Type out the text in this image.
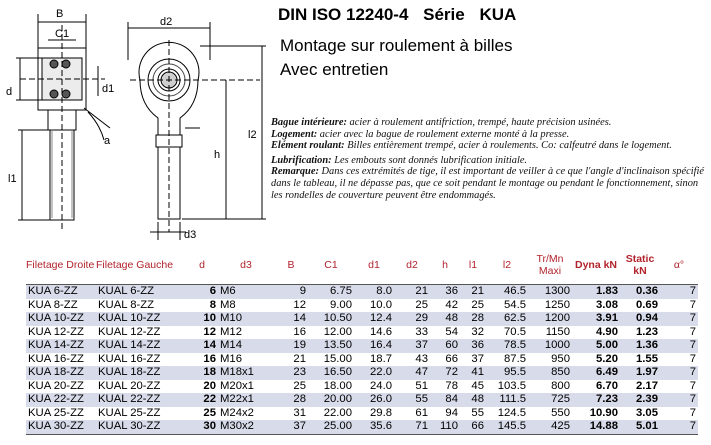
B
C1
d2
d	d1
a	l2
h
l1
d3
DIN ISO 12240-4 Série KUA
Montage sur roulement à billes
Avec entretien

Bague intérieure: acier à roulement antifriction, trempé, haute précision usinées.

Logement: acier avec la bague de roulement externe monté à la presse.

Elément roulant: Billes entièrement trempé, acier à roulements. Co: calfeutré dans le logement.

Lubrification: Les embouts sont donnés lubrification initiale.

Remarque: Dans ces extrémités de tige, il est important de veiller à ce que l'angle d'inclinaison spécifié dans le tableau, il ne dépasse pas, que ce soit pendant le montage ou pendant le fonctionnement, sinon les rondelles de couverture peuvent être endommagés.

Filetage Droite	Filetage Gauche	d	d3	B	C1	d1	d2	h	l1	l2	Tr/Mn Maxi	Dyna kN	Static kN	α°
KUA 6-ZZ	KUAL 6-ZZ	6	M6	9	6.75	8.0	21	36	21	46.5	1300	1.83	0.36	7
KUA 8-ZZ	KUAL 8-ZZ	8	M8	12	9.00	10.0	25	42	25	54.5	1250	3.08	0.69	7
KUA 10-ZZ	KUAL 10-ZZ	10	M10	14	10.50	12.4	29	48	28	62.5	1200	3.91	0.94	7
KUA 12-ZZ	KUAL 12-ZZ	12	M12	16	12.00	14.6	33	54	32	70.5	1150	4.90	1.23	7
KUA 14-ZZ	KUAL 14-ZZ	14	M14	19	13.50	16.4	37	60	36	78.5	1000	5.00	1.36	7
KUA 16-ZZ	KUAL 16-ZZ	16	M16	21	15.00	18.7	43	66	37	87.5	950	5.20	1.55	7
KUA 18-ZZ	KUAL 18-ZZ	18	M18x1	23	16.50	22.0	47	72	41	95.5	850	6.49	1.97	7
KUA 20-ZZ	KUAL 20-ZZ	20	M20x1	25	18.00	24.0	51	78	45	103.5	800	6.70	2.17	7
KUA 22-ZZ	KUAL 22-ZZ	22	M22x1	28	20.00	26.0	55	84	48	111.5	725	7.23	2.39	7
KUA 25-ZZ	KUAL 25-ZZ	25	M24x2	31	22.00	29.8	61	94	55	124.5	550	10.90	3.05	7
KUA 30-ZZ	KUAL 30-ZZ	30	M30x2	37	25.00	35.6	71	110	66	145.5	425	14.88	5.01	7
